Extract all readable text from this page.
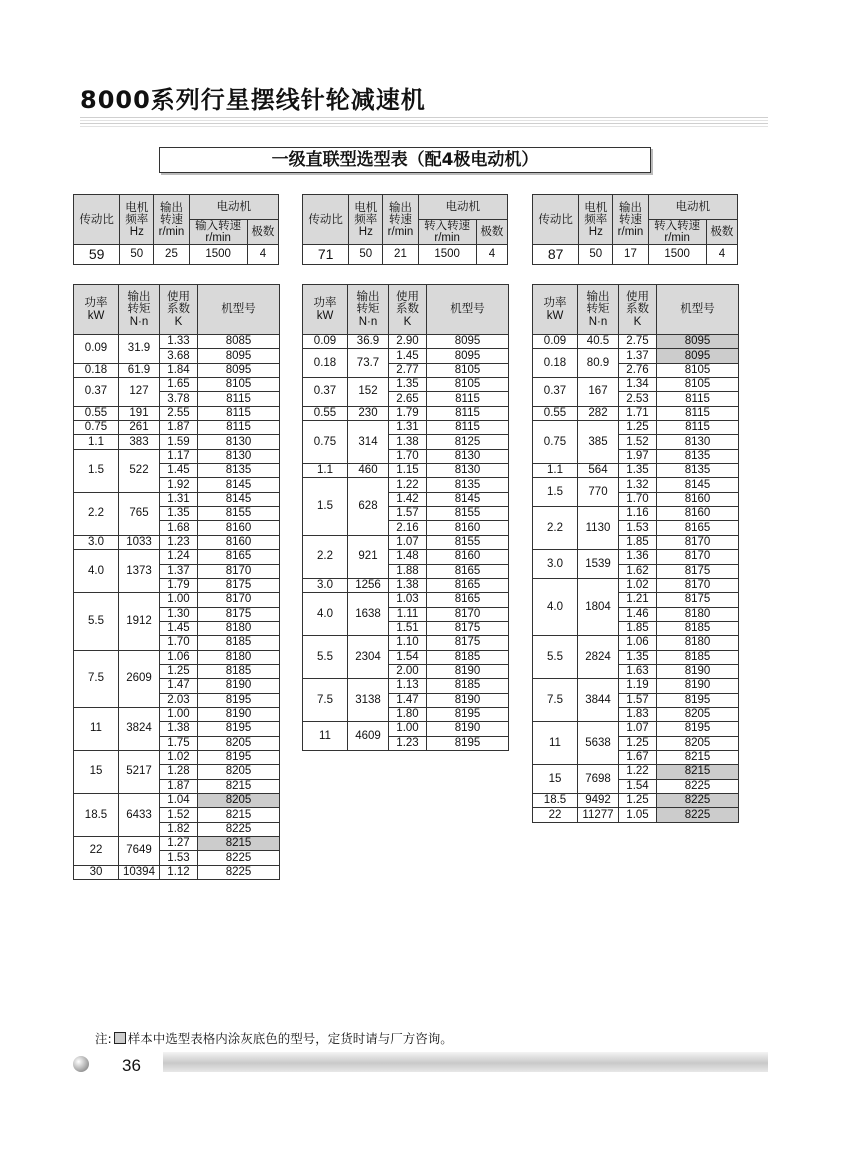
8000系列行星摆线针轮减速机
一级直联型选型表（配4极电动机）
传动比	电机
频率
Hz	输出
转速
r/min	电动机	
			输入转速
r/min	极数
59	50	25	1500	4
传动比	电机
频率
Hz	输出
转速
r/min	电动机	
			转入转速
r/min	极数
71	50	21	1500	4
传动比	电机
频率
Hz	输出
转速
r/min	电动机	
			转入转速
r/min	极数
87	50	17	1500	4
功率
kW	输出
转矩
N·n	使用
系数
K	机型号
0.09	31.9	1.33	8085
		3.68	8095
0.18	61.9	1.84	8095
0.37	127	1.65	8105
		3.78	8115
0.55	191	2.55	8115
0.75	261	1.87	8115
1.1	383	1.59	8130
1.5	522	1.17	8130
		1.45	8135
		1.92	8145
2.2	765	1.31	8145
		1.35	8155
		1.68	8160
3.0	1033	1.23	8160
4.0	1373	1.24	8165
		1.37	8170
		1.79	8175
5.5	1912	1.00	8170
		1.30	8175
		1.45	8180
		1.70	8185
7.5	2609	1.06	8180
		1.25	8185
		1.47	8190
		2.03	8195
11	3824	1.00	8190
		1.38	8195
		1.75	8205
15	5217	1.02	8195
		1.28	8205
		1.87	8215
18.5	6433	1.04	8205
		1.52	8215
		1.82	8225
22	7649	1.27	8215
		1.53	8225
30	10394	1.12	8225
功率
kW	输出
转矩
N·n	使用
系数
K	机型号
0.09	36.9	2.90	8095
0.18	73.7	1.45	8095
		2.77	8105
0.37	152	1.35	8105
		2.65	8115
0.55	230	1.79	8115
0.75	314	1.31	8115
		1.38	8125
		1.70	8130
1.1	460	1.15	8130
1.5	628	1.22	8135
		1.42	8145
		1.57	8155
		2.16	8160
2.2	921	1.07	8155
		1.48	8160
		1.88	8165
3.0	1256	1.38	8165
4.0	1638	1.03	8165
		1.11	8170
		1.51	8175
5.5	2304	1.10	8175
		1.54	8185
		2.00	8190
7.5	3138	1.13	8185
		1.47	8190
		1.80	8195
11	4609	1.00	8190
		1.23	8195
功率
kW	输出
转矩
N·n	使用
系数
K	机型号
0.09	40.5	2.75	8095
0.18	80.9	1.37	8095
		2.76	8105
0.37	167	1.34	8105
		2.53	8115
0.55	282	1.71	8115
0.75	385	1.25	8115
		1.52	8130
		1.97	8135
1.1	564	1.35	8135
1.5	770	1.32	8145
		1.70	8160
2.2	1130	1.16	8160
		1.53	8165
		1.85	8170
3.0	1539	1.36	8170
		1.62	8175
4.0	1804	1.02	8170
		1.21	8175
		1.46	8180
		1.85	8185
5.5	2824	1.06	8180
		1.35	8185
		1.63	8190
7.5	3844	1.19	8190
		1.57	8195
		1.83	8205
11	5638	1.07	8195
		1.25	8205
		1.67	8215
15	7698	1.22	8215
		1.54	8225
18.5	9492	1.25	8225
22	11277	1.05	8225
注: 样本中选型表格内涂灰底色的型号，定货时请与厂方咨询。
36
